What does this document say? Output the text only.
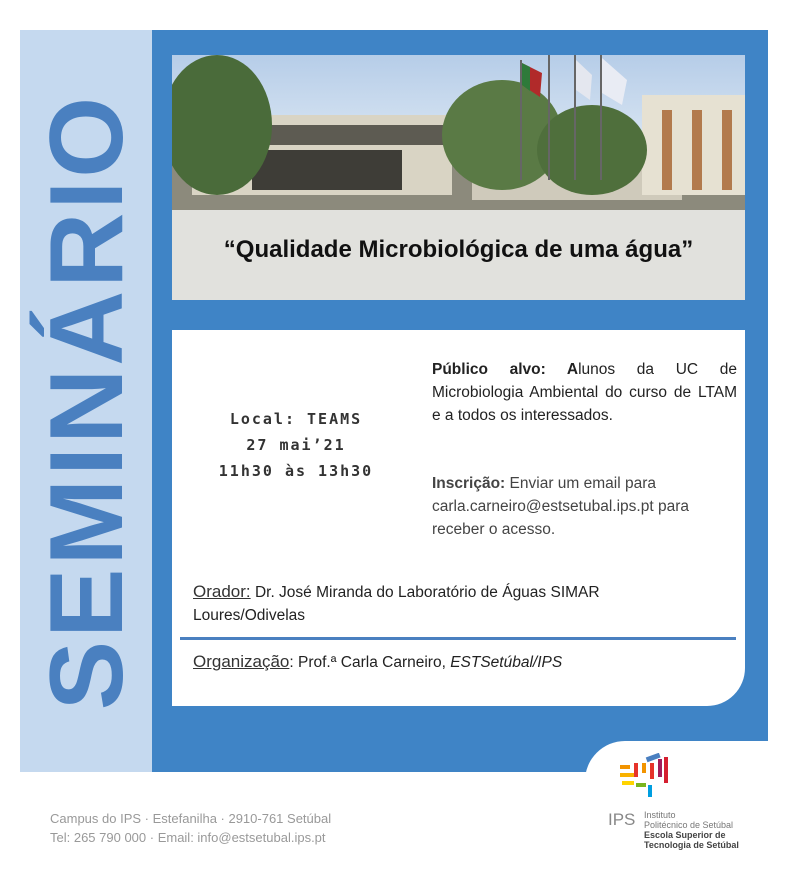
SEMINÁRIO	“Qualidade Microbiológica de uma água”
Local: TEAMS
27 mai’21
11h30 às 13h30
Público alvo: Alunos da UC de Microbiologia Ambiental do curso de LTAM e a todos os interessados.
Inscrição: Enviar um email para carla.carneiro@estsetubal.ips.pt para receber o acesso.
Orador: Dr. José Miranda do Laboratório de Águas SIMAR Loures/Odivelas
Organização: Prof.ª Carla Carneiro, ESTSetúbal/IPS
Campus do IPS · Estefanilha · 2910-761 Setúbal
Tel: 265 790 000 · Email: info@estsetubal.ips.pt
IPS Instituto
Politécnico de Setúbal
Escola Superior de
Tecnologia de Setúbal
